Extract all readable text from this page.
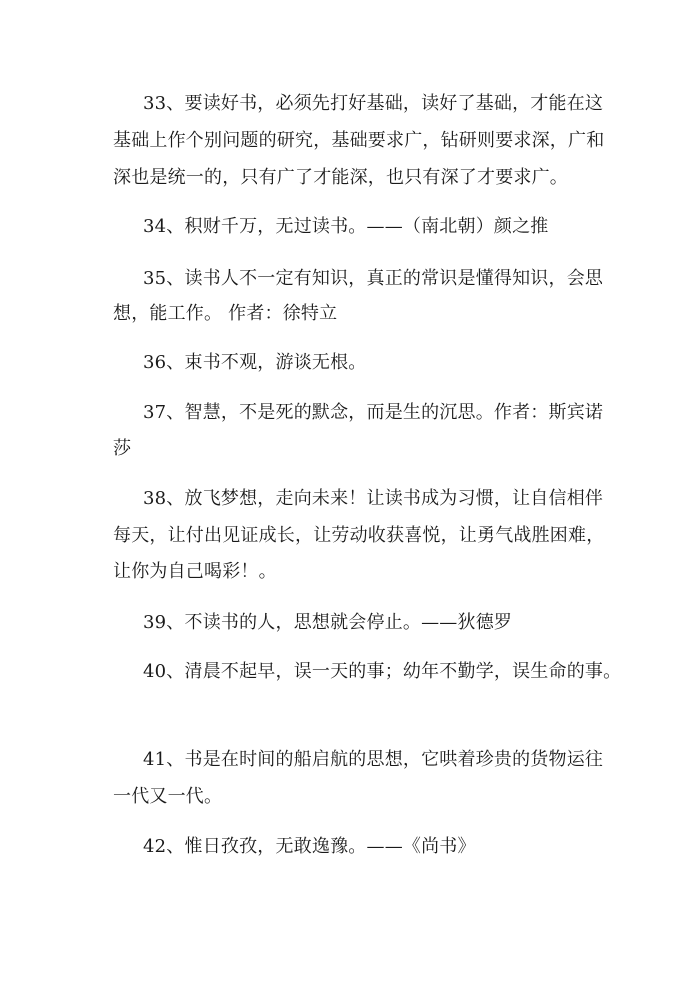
33、要读好书，必须先打好基础，读好了基础，才能在这
基础上作个别问题的研究，基础要求广，钻研则要求深，广和
深也是统一的，只有广了才能深，也只有深了才要求广。
34、积财千万，无过读书。——（南北朝）颜之推
35、读书人不一定有知识，真正的常识是懂得知识，会思
想，能工作。 作者：徐特立
36、束书不观，游谈无根。
37、智慧，不是死的默念，而是生的沉思。作者：斯宾诺
莎
38、放飞梦想，走向未来！让读书成为习惯，让自信相伴
每天，让付出见证成长，让劳动收获喜悦，让勇气战胜困难，
让你为自己喝彩！。
39、不读书的人，思想就会停止。——狄德罗
40、清晨不起早，误一天的事；幼年不勤学，误生命的事。
41、书是在时间的船启航的思想，它哄着珍贵的货物运往
一代又一代。
42、惟日孜孜，无敢逸豫。——《尚书》
